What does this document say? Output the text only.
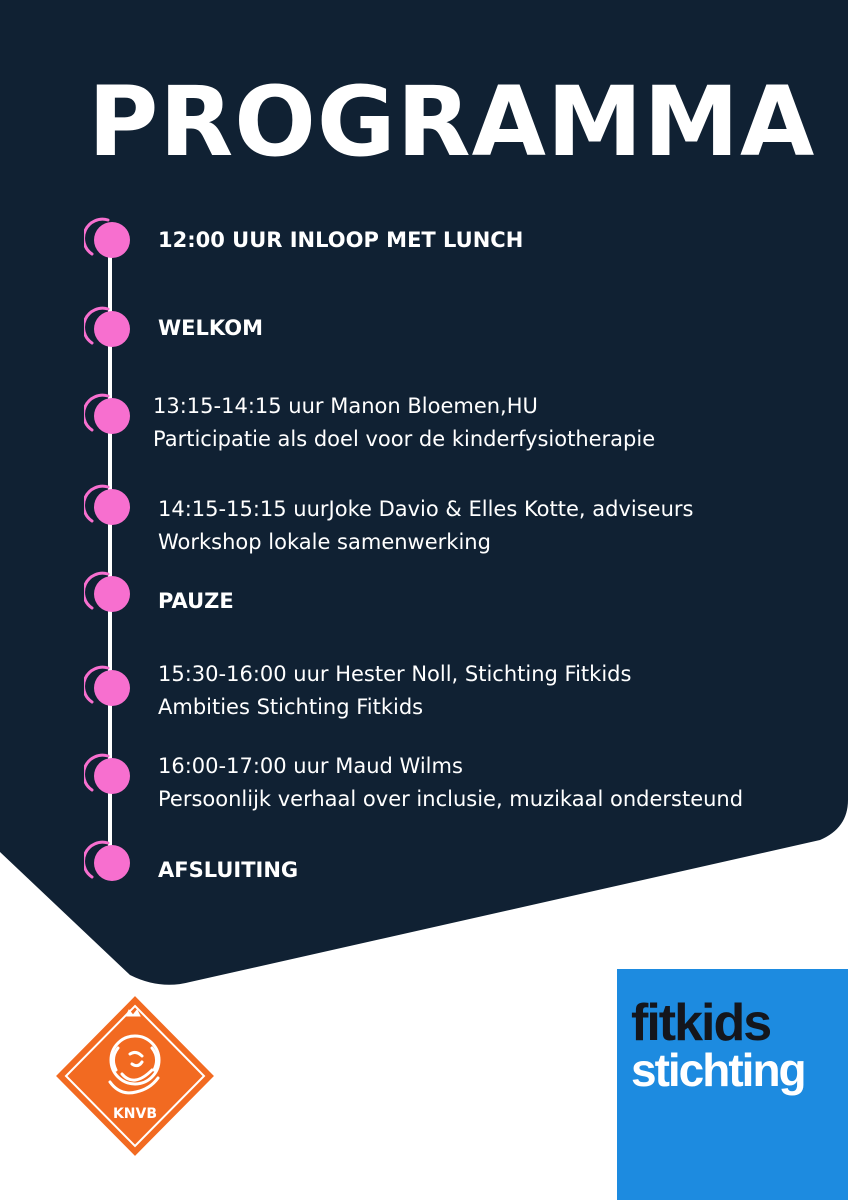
PROGRAMMA
12:00 UUR INLOOP MET LUNCH
WELKOM
13:15-14:15 uur Manon Bloemen,HU
Participatie als doel voor de kinderfysiotherapie
14:15-15:15 uurJoke Davio & Elles Kotte, adviseurs
Workshop lokale samenwerking
PAUZE
15:30-16:00 uur Hester Noll, Stichting Fitkids
Ambities Stichting Fitkids
16:00-17:00 uur Maud Wilms
Persoonlijk verhaal over inclusie, muzikaal ondersteund
AFSLUITING
KNVB
fitkids
stichting
